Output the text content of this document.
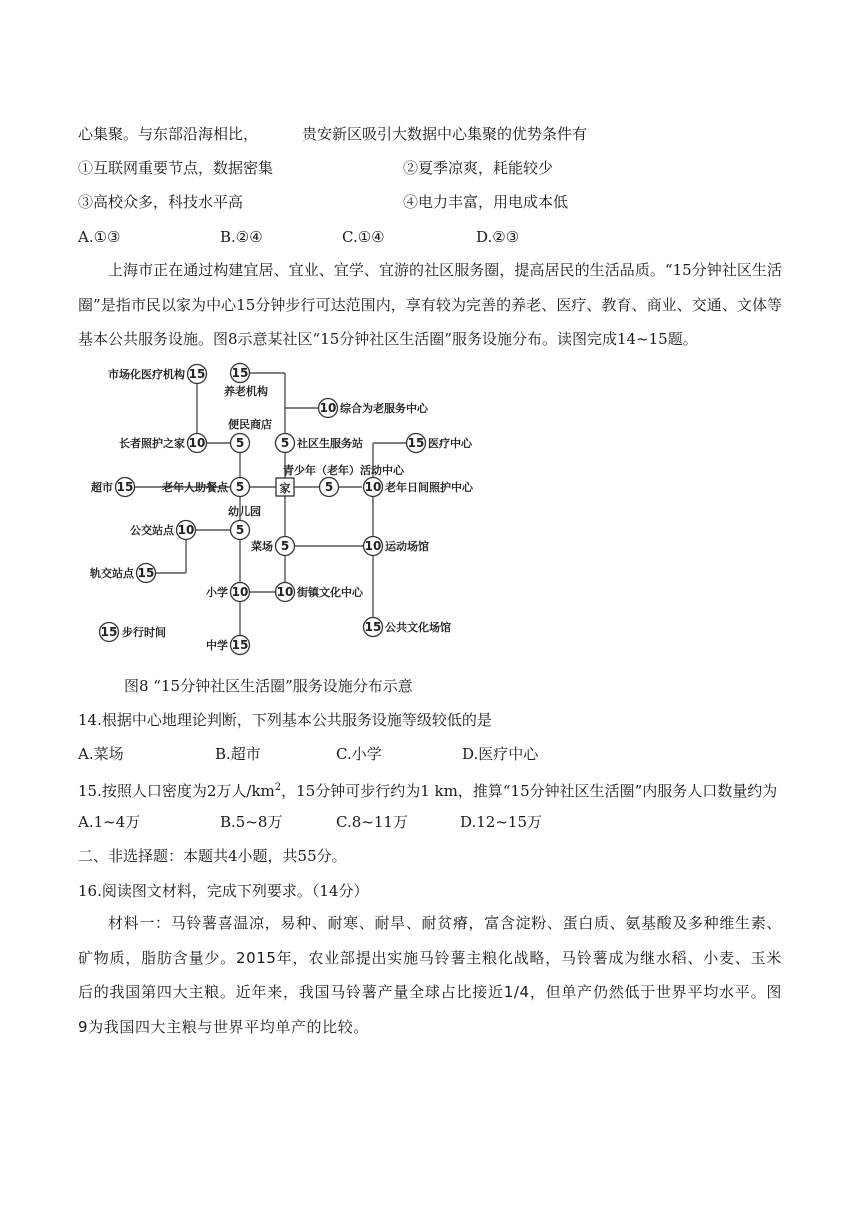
心集聚。与东部沿海相比，	贵安新区吸引大数据中心集聚的优势条件有
①互联网重要节点，数据密集	②夏季凉爽，耗能较少
③高校众多，科技水平高	④电力丰富，用电成本低
A.①③	B.②④	C.①④	D.②③
上海市正在通过构建宜居、宜业、宜学、宜游的社区服务圈，提高居民的生活品质。“15分钟社区生活圈”是指市民以家为中心15分钟步行可达范围内，享有较为完善的养老、医疗、教育、商业、交通、文体等基本公共服务设施。图8示意某社区“15分钟社区生活圈”服务设施分布。读图完成14~15题。
家
15
市场化医疗机构	15
养老机构
10 综合为老服务中心
5
便民商店
10
长者照护之家	5 社区生服务站	15 医疗中心
5
青少年（老年）活动中心
10 老年日间照护中心
5
老年人助餐点
15
超市
5
幼儿园
10
公交站点
5
菜场	10 运动场馆
15
轨交站点
10
小学	10 街镇文化中心
15 公共文化场馆
15
中学
15 步行时间
图8 “15分钟社区生活圈”服务设施分布示意
14.根据中心地理论判断，下列基本公共服务设施等级较低的是
A.菜场	B.超市	C.小学	D.医疗中心
15.按照人口密度为2万人$/km^2$，15分钟可步行约为1 km，推算“15分钟社区生活圈”内服务人口数量约为
A.1~4万	B.5~8万	C.8~11万	D.12~15万
二、非选择题：本题共4小题，共55分。
16.阅读图文材料，完成下列要求。（14分）
材料一：马铃薯喜温凉，易种、耐寒、耐旱、耐贫瘠，富含淀粉、蛋白质、氨基酸及多种维生素、矿物质，脂肪含量少。2015年，农业部提出实施马铃薯主粮化战略，马铃薯成为继水稻、小麦、玉米后的我国第四大主粮。近年来，我国马铃薯产量全球占比接近1/4，但单产仍然低于世界平均水平。图9为我国四大主粮与世界平均单产的比较。
